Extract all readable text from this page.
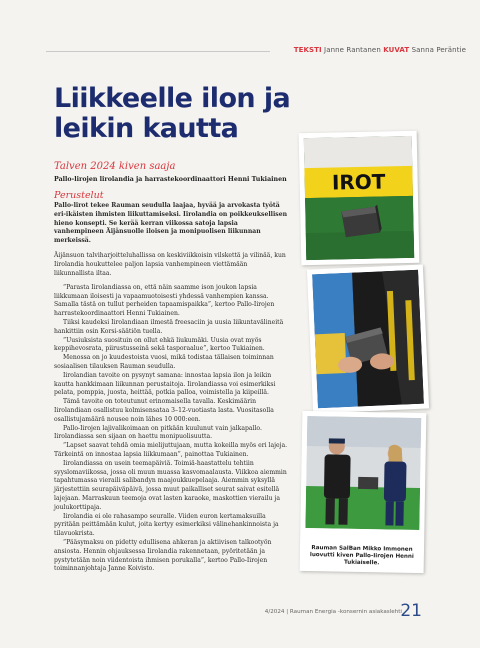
TEKSTI Janne Rantanen KUVAT Sanna Peräntie
Liikkeelle ilon ja leikin kautta
Talven 2024 kiven saaja
Pallo-lirojen lirolandia ja harrastekoordinaattori Henni Tukiainen
Perustelut

Pallo-lirot tekee Rauman seudulla laajaa, hyvää ja arvokasta työtä eri-ikäisten ihmisten liikuttamiseksi. Iirolandia on poikkeuksellisen hieno konsepti. Se kerää kerran viikossa satoja lapsia vanhempineen Äijänsuolle iloisen ja monipuolisen liikunnan merkeissä.

Äijänsuon talviharjoitteluhallissa on keskiviikkoisin vilskettä ja vilinää, kun Iirolandia houkuttelee paljon lapsia vanhempineen viettämään liikunnallista iltaa.

”Parasta Iirolandiassa on, että näin saamme ison joukon lapsia liikkumaan iloisesti ja vapaamuotoisesti yhdessä vanhempien kanssa. Samalla tästä on tullut perheiden tapaamispaikka”, kertoo Pallo-Iirojen harrastekoordinaattori Henni Tukiainen.

Tiiksi kaudeksi Iirolandiaan ilmestä freesaciin ja uusia liikuntavälineitä hankittiin osin Korsi-säätiön tuella.

”Uusiuksista suosituin on ollut ehkä liukumäki. Uusia ovat myös keppihevosrata, piirustusseinä sekä tasporaalue”, kertoo Tukiainen.

Menossa on jo kuudestoista vuosi, mikä todistaa tällaisen toiminnan sosiaalisen tilauksen Rauman seudulla.

Iirolandian tavoite on pysynyt samana: innostaa lapsia ilon ja leikin kautta hankkimaan liikunnan perustaitoja. Iirolandiassa voi esimerkiksi pelata, pomppia, juosta, heittää, potkia palloa, voimistella ja kiipeillä.

Tämä tavoite on toteutunut erinomaisella tavalla. Keskimäärin Iirolandiaan osallistuu kolmisensataa 3–12-vuotiasta lasta. Vuositasolla osallistujamäärä nousee noin lähes 10 000:een.

Pallo-Iirojen lajivalikoimaan on pitkään kuulunut vain jalkapallo. Iirolandiassa sen sijaan on haettu monipuolisuutta.

”Lapset saavat tehdä omia mielijuttujaan, mutta kokeilla myös eri lajeja. Tärkeintä on innostaa lapsia liikkumaan”, painottaa Tukiainen.

Iirolandiassa on usein teemapäiviä. Toimiä-haastattelu tehtiin syyslomaviikossa, jossa oli muun muassa kasvomaalausta. Viikkoa aiemmin tapahtumassa vieraili salibandyn maajoukkuepelaaja. Aiemmin syksyllä järjestettiin seurapäiväpäivä, jossa muut paikalliset seurat saivat esitellä lajejaan. Marraskuun teemoja ovat lasten karaoke, maskottien vierailu ja joulukorttipaja.

Iirolandia ei ole rahasampo seuralle. Viiden euron kertamaksuilla pyritään peittämään kulut, joita kertyy esimerkiksi välinehankinnoista ja tilavuokrista.

”Pääsymaksu on pidetty edullisena ahkeran ja aktiivisen talkootyön ansiosta. Hennin ohjauksessa Iirolandia rakennetaan, pyöritetään ja pystytetään noin viidentoista ihmisen porukalla”, kertoo Pallo-Iirojen toiminnanjohtaja Janne Koivisto.

IROT
Rauman SalBan Mikko Immonen luovutti kiven Pallo-Iirojen Henni Tukiaiselle.
4/2024 | Rauman Energia -konsernin asiakaslehti
21
